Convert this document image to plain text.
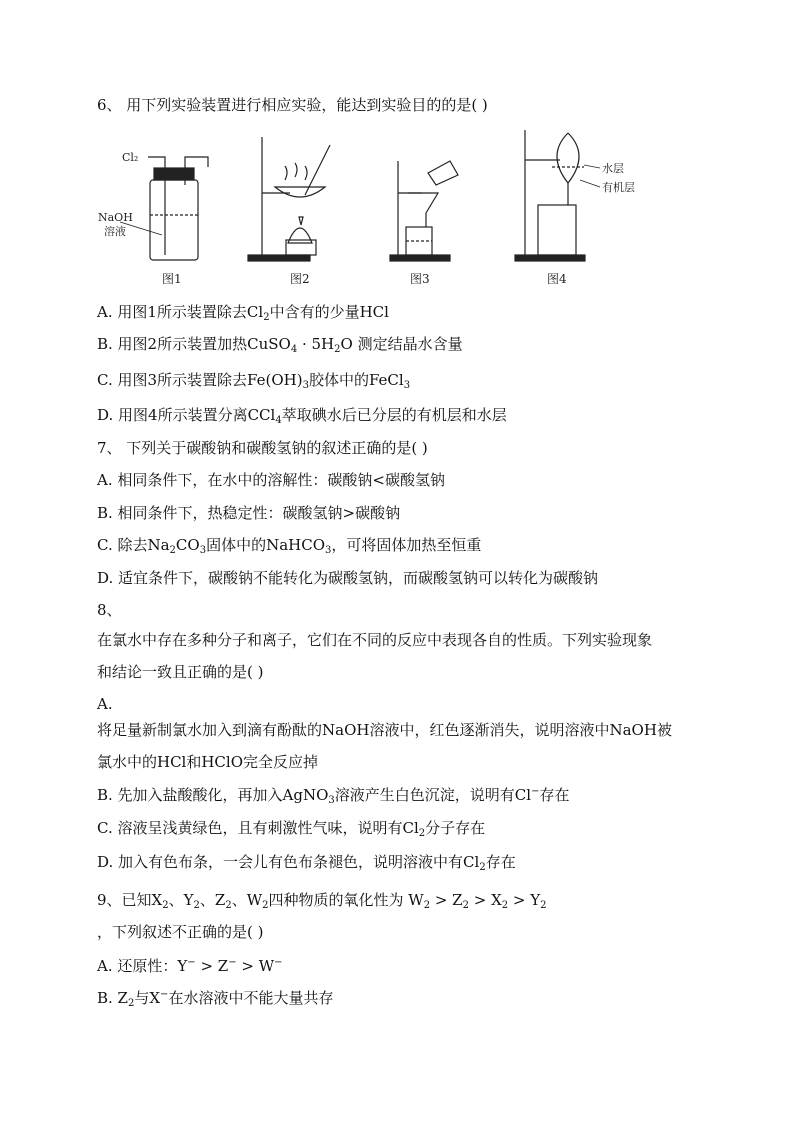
6、 用下列实验装置进行相应实验，能达到实验目的的是( )
Cl₂
NaOH
溶液
图1	图2	图3
水层
有机层
图4
A. 用图1所示装置除去$Cl_2$中含有的少量HCl
B. 用图2所示装置加热CuSO$_4$ · $5H_2O$ 测定结晶水含量
C. 用图3所示装置除去$Fe(OH)_3$胶体中的FeCl$_3$
D. 用图4所示装置分离CCl$_4$萃取碘水后已分层的有机层和水层
7、 下列关于碳酸钠和碳酸氢钠的叙述正确的是( )
A. 相同条件下，在水中的溶解性：碳酸钠<碳酸氢钠
B. 相同条件下，热稳定性：碳酸氢钠>碳酸钠
C. 除去$Na_2CO_3$固体中的NaHCO$_3$，可将固体加热至恒重
D. 适宜条件下，碳酸钠不能转化为碳酸氢钠，而碳酸氢钠可以转化为碳酸钠
8、
在氯水中存在多种分子和离子，它们在不同的反应中表现各自的性质。下列实验现象
和结论一致且正确的是( )
A.
将足量新制氯水加入到滴有酚酞的NaOH溶液中，红色逐渐消失，说明溶液中NaOH被
氯水中的HCl和HClO完全反应掉
B. 先加入盐酸酸化，再加入AgNO$_3$溶液产生白色沉淀，说明有Cl−存在
C. 溶液呈浅黄绿色，且有刺激性气味，说明有$Cl_2$分子存在
D. 加入有色布条，一会儿有色布条褪色，说明溶液中有$Cl_2$存在
9、已知$X_2$、$Y_2$、$Z_2$、$W_2$四种物质的氧化性为 $W_2 > Z_2 > X_2 > Y_2$
，下列叙述不正确的是( )
A. 还原性：Y− > Z− > W−
B. $Z_2$与X−在水溶液中不能大量共存
